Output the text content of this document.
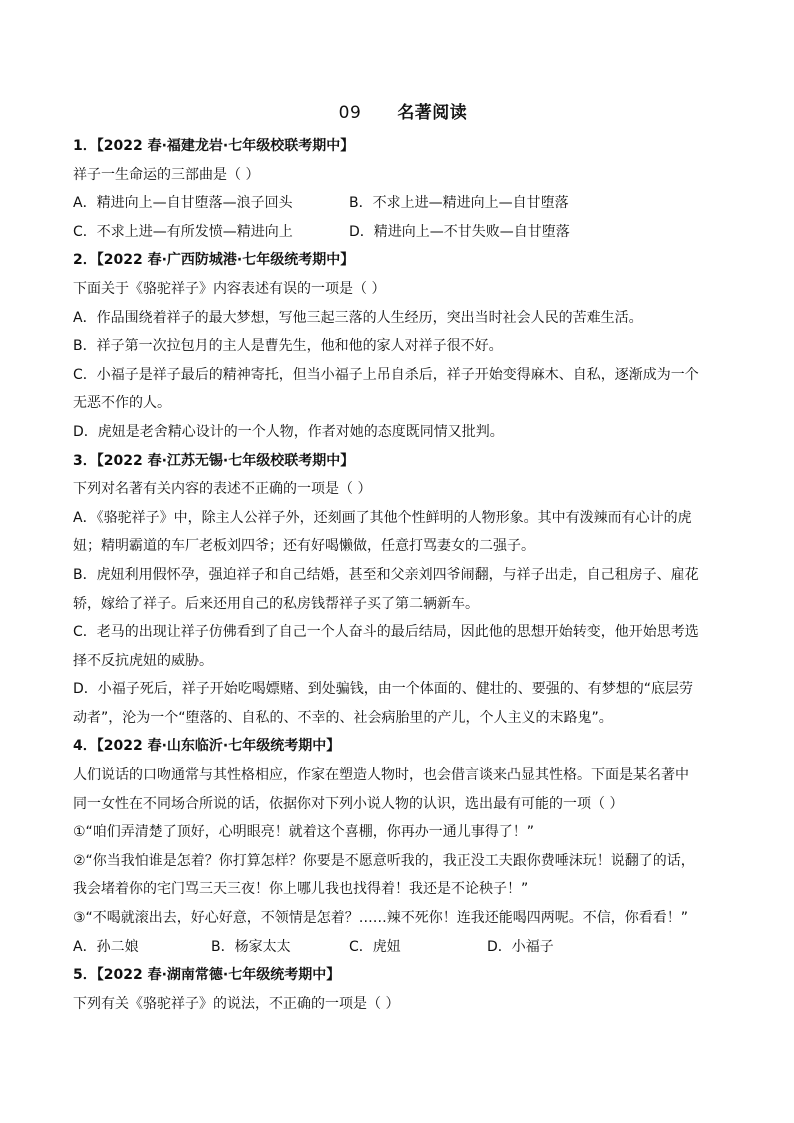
09 名著阅读
1．【2022 春·福建龙岩·七年级校联考期中】
祥子一生命运的三部曲是（ ）
A．精进向上—自甘堕落—浪子回头	B．不求上进—精进向上—自甘堕落
C．不求上进—有所发愤—精进向上	D．精进向上—不甘失败—自甘堕落
2．【2022 春·广西防城港·七年级统考期中】
下面关于《骆驼祥子》内容表述有误的一项是（ ）
A．作品围绕着祥子的最大梦想，写他三起三落的人生经历，突出当时社会人民的苦难生活。
B．祥子第一次拉包月的主人是曹先生，他和他的家人对祥子很不好。
C．小福子是祥子最后的精神寄托，但当小福子上吊自杀后，祥子开始变得麻木、自私，逐渐成为一个
无恶不作的人。
D．虎妞是老舍精心设计的一个人物，作者对她的态度既同情又批判。
3．【2022 春·江苏无锡·七年级校联考期中】
下列对名著有关内容的表述不正确的一项是（ ）
A．《骆驼祥子》中，除主人公祥子外，还刻画了其他个性鲜明的人物形象。其中有泼辣而有心计的虎
妞；精明霸道的车厂老板刘四爷；还有好喝懒做，任意打骂妻女的二强子。
B．虎妞利用假怀孕，强迫祥子和自己结婚，甚至和父亲刘四爷闹翻，与祥子出走，自己租房子、雇花
轿，嫁给了祥子。后来还用自己的私房钱帮祥子买了第二辆新车。
C．老马的出现让祥子仿佛看到了自己一个人奋斗的最后结局，因此他的思想开始转变，他开始思考选
择不反抗虎妞的威胁。
D．小福子死后，祥子开始吃喝嫖赌、到处骗钱，由一个体面的、健壮的、要强的、有梦想的“底层劳
动者”，沦为一个“堕落的、自私的、不幸的、社会病胎里的产儿，个人主义的末路鬼”。
4．【2022 春·山东临沂·七年级统考期中】
人们说话的口吻通常与其性格相应，作家在塑造人物时，也会借言谈来凸显其性格。下面是某名著中
同一女性在不同场合所说的话，依据你对下列小说人物的认识，选出最有可能的一项（ ）
①“咱们弄清楚了顶好，心明眼亮！就着这个喜棚，你再办一通儿事得了！”
②“你当我怕谁是怎着？你打算怎样？你要是不愿意听我的，我正没工夫跟你费唾沫玩！说翻了的话，
我会堵着你的宅门骂三天三夜！你上哪儿我也找得着！我还是不论秧子！”
③“不喝就滚出去，好心好意，不领情是怎着？……辣不死你！连我还能喝四两呢。不信，你看看！”
A．孙二娘	B．杨家太太	C．虎妞	D．小福子
5．【2022 春·湖南常德·七年级统考期中】
下列有关《骆驼祥子》的说法，不正确的一项是（ ）
